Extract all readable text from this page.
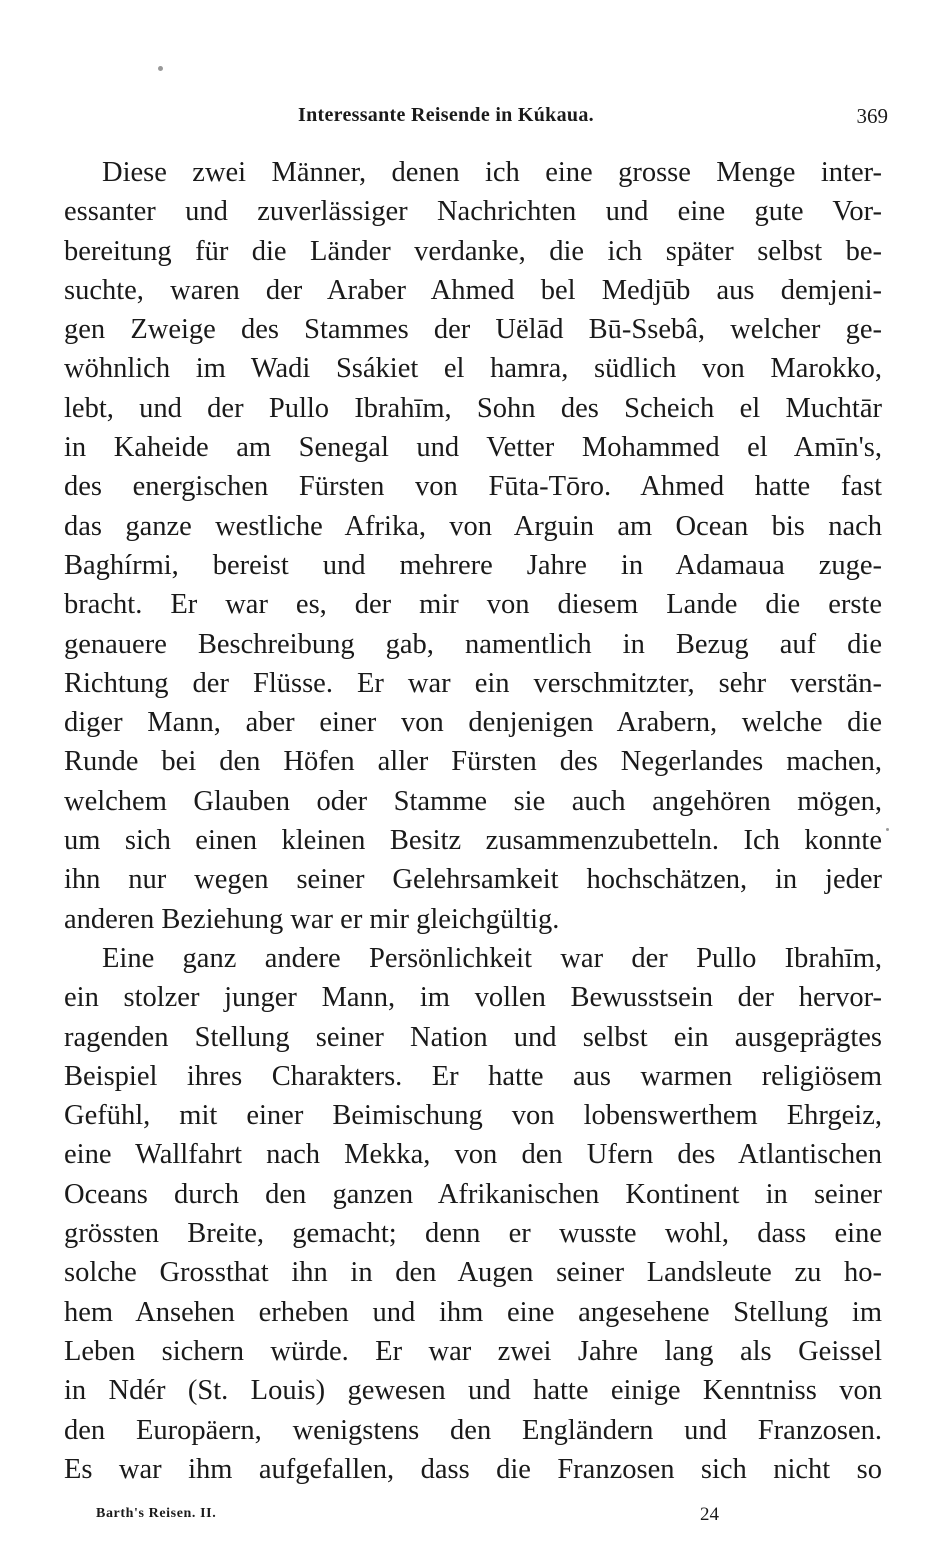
Interessante Reisende in Kúkaua.	369
Diese zwei Männer, denen ich eine grosse Menge inter-
essanter und zuverlässiger Nachrichten und eine gute Vor-
bereitung für die Länder verdanke, die ich später selbst be-
suchte, waren der Araber Ahmed bel Medjūb aus demjeni-
gen Zweige des Stammes der Uëlād Bū-Ssebâ, welcher ge-
wöhnlich im Wadi Ssákiet el hamra, südlich von Marokko,
lebt, und der Pullo Ibrahīm, Sohn des Scheich el Muchtār
in Kaheide am Senegal und Vetter Mohammed el Amīn's,
des energischen Fürsten von Fūta-Tōro. Ahmed hatte fast
das ganze westliche Afrika, von Arguin am Ocean bis nach
Baghírmi, bereist und mehrere Jahre in Adamaua zuge-
bracht. Er war es, der mir von diesem Lande die erste
genauere Beschreibung gab, namentlich in Bezug auf die
Richtung der Flüsse. Er war ein verschmitzter, sehr verstän-
diger Mann, aber einer von denjenigen Arabern, welche die
Runde bei den Höfen aller Fürsten des Negerlandes machen,
welchem Glauben oder Stamme sie auch angehören mögen,
um sich einen kleinen Besitz zusammenzubetteln. Ich konnte
ihn nur wegen seiner Gelehrsamkeit hochschätzen, in jeder
anderen Beziehung war er mir gleichgültig.
Eine ganz andere Persönlichkeit war der Pullo Ibrahīm,
ein stolzer junger Mann, im vollen Bewusstsein der hervor-
ragenden Stellung seiner Nation und selbst ein ausgeprägtes
Beispiel ihres Charakters. Er hatte aus warmen religiösem
Gefühl, mit einer Beimischung von lobenswerthem Ehrgeiz,
eine Wallfahrt nach Mekka, von den Ufern des Atlantischen
Oceans durch den ganzen Afrikanischen Kontinent in seiner
grössten Breite, gemacht; denn er wusste wohl, dass eine
solche Grossthat ihn in den Augen seiner Landsleute zu ho-
hem Ansehen erheben und ihm eine angesehene Stellung im
Leben sichern würde. Er war zwei Jahre lang als Geissel
in Ndér (St. Louis) gewesen und hatte einige Kenntniss von
den Europäern, wenigstens den Engländern und Franzosen.
Es war ihm aufgefallen, dass die Franzosen sich nicht so
Barth's Reisen. II.	24
